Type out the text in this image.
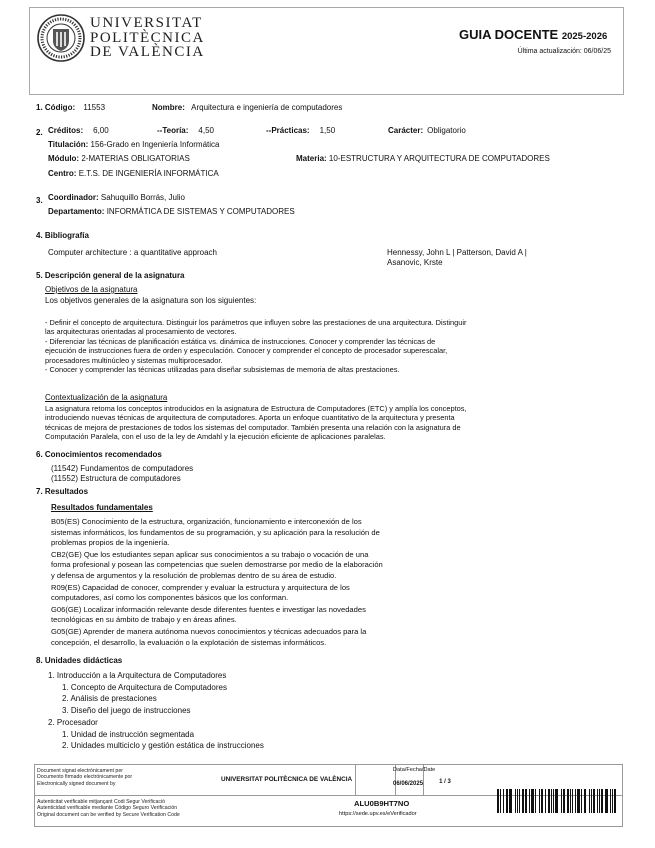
UNIVERSITAT
POLITÈCNICA
DE VALÈNCIA
GUIA DOCENTE 2025-2026
Última actualización: 06/06/25
1. Código: 11553	Nombre: Arquitectura e ingeniería de computadores
2. Créditos: 6,00	--Teoría: 4,50	--Prácticas: 1,50	Carácter: Obligatorio
Titulación: 156-Grado en Ingeniería Informática
Módulo: 2-MATERIAS OBLIGATORIAS	Materia: 10-ESTRUCTURA Y ARQUITECTURA DE COMPUTADORES
Centro: E.T.S. DE INGENIERÍA INFORMÁTICA
3. Coordinador: Sahuquillo Borrás, Julio
Departamento: INFORMÁTICA DE SISTEMAS Y COMPUTADORES
4. Bibliografía
Computer architecture : a quantitative approach	Hennessy, John L | Patterson, David A |
Asanovic, Krste
5. Descripción general de la asignatura
Objetivos de la asignatura
Los objetivos generales de la asignatura son los siguientes:
- Definir el concepto de arquitectura. Distinguir los parámetros que influyen sobre las prestaciones de una arquitectura. Distinguir
las arquitecturas orientadas al procesamiento de vectores.
- Diferenciar las técnicas de planificación estática vs. dinámica de instrucciones. Conocer y comprender las técnicas de
ejecución de instrucciones fuera de orden y especulación. Conocer y comprender el concepto de procesador superescalar,
procesadores multinúcleo y sistemas multiprocesador.
- Conocer y comprender las técnicas utilizadas para diseñar subsistemas de memoria de altas prestaciones.
Contextualización de la asignatura
La asignatura retoma los conceptos introducidos en la asignatura de Estructura de Computadores (ETC) y amplía los conceptos,
introduciendo nuevas técnicas de arquitectura de computadores. Aporta un enfoque cuantitativo de la arquitectura y presenta
técnicas de mejora de prestaciones de todos los sistemas del computador. También presenta una relación con la asignatura de
Computación Paralela, con el uso de la ley de Amdahl y la ejecución eficiente de aplicaciones paralelas.
6. Conocimientos recomendados
(11542) Fundamentos de computadores
(11552) Estructura de computadores
7. Resultados
Resultados fundamentales
B05(ES) Conocimiento de la estructura, organización, funcionamiento e interconexión de los
sistemas informáticos, los fundamentos de su programación, y su aplicación para la resolución de
problemas propios de la ingeniería.
CB2(GE) Que los estudiantes sepan aplicar sus conocimientos a su trabajo o vocación de una
forma profesional y posean las competencias que suelen demostrarse por medio de la elaboración
y defensa de argumentos y la resolución de problemas dentro de su área de estudio.
R09(ES) Capacidad de conocer, comprender y evaluar la estructura y arquitectura de los
computadores, así como los componentes básicos que los conforman.
G06(GE) Localizar información relevante desde diferentes fuentes e investigar las novedades
tecnológicas en su ámbito de trabajo y en áreas afines.
G05(GE) Aprender de manera autónoma nuevos conocimientos y técnicas adecuados para la
concepción, el desarrollo, la evaluación o la explotación de sistemas informáticos.
8. Unidades didácticas
1. Introducción a la Arquitectura de Computadores
1. Concepto de Arquitectura de Computadores
2. Análisis de prestaciones
3. Diseño del juego de instrucciones
2. Procesador
1. Unidad de instrucción segmentada
2. Unidades multiciclo y gestión estática de instrucciones
Document signat electrònicament per
Documento firmado electrónicamente por
Electronically signed document by
UNIVERSITAT POLITÈCNICA DE VALÈNCIA
Data/Fecha/Date
06/06/2025	1 / 3
Autenticitat verificable mitjançant Codi Segur Verificació
Autenticidad verificable mediante Código Seguro Verificación
Original document can be verified by Secure Verification Code
ALU0B9HT7NO
https://sede.upv.es/eVerificador
